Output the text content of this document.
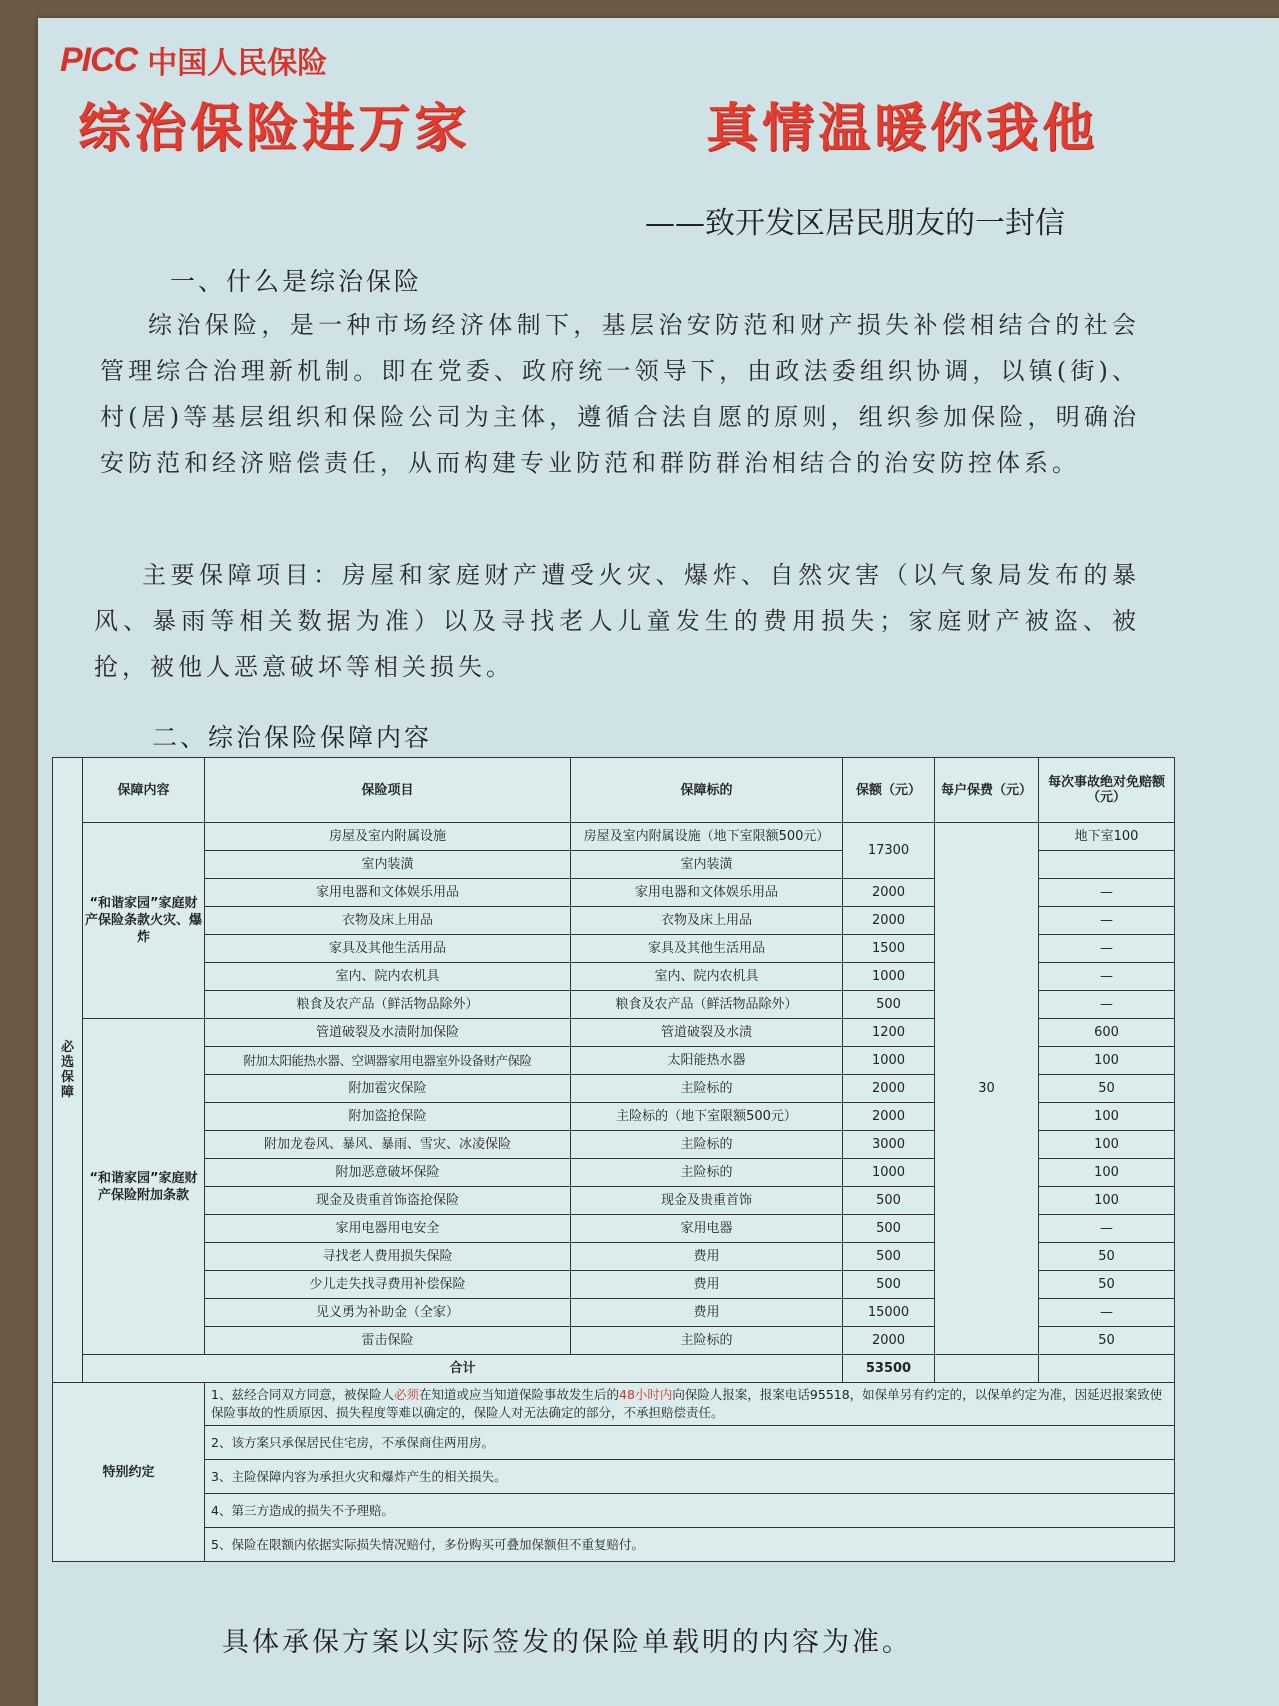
PICC 中国人民保险
综治保险进万家	真情温暖你我他
——致开发区居民朋友的一封信
一、什么是综治保险
综治保险，是一种市场经济体制下，基层治安防范和财产损失补偿相结合的社会管理综合治理新机制。即在党委、政府统一领导下，由政法委组织协调，以镇(街)、村(居)等基层组织和保险公司为主体，遵循合法自愿的原则，组织参加保险，明确治安防范和经济赔偿责任，从而构建专业防范和群防群治相结合的治安防控体系。
主要保障项目：房屋和家庭财产遭受火灾、爆炸、自然灾害（以气象局发布的暴风、暴雨等相关数据为准）以及寻找老人儿童发生的费用损失；家庭财产被盗、被抢，被他人恶意破坏等相关损失。
二、综治保险保障内容
必选保障	保障内容	保险项目	保障标的	保额（元）	每户保费（元）	每次事故绝对免赔额（元）
	“和谐家园”家庭财产保险条款火灾、爆炸	房屋及室内附属设施	房屋及室内附属设施（地下室限额500元）	17300	30	地下室100
		室内装潢	室内装潢			
		家用电器和文体娱乐用品	家用电器和文体娱乐用品	2000		—
		衣物及床上用品	衣物及床上用品	2000		—
		家具及其他生活用品	家具及其他生活用品	1500		—
		室内、院内农机具	室内、院内农机具	1000		—
		粮食及农产品（鲜活物品除外）	粮食及农产品（鲜活物品除外）	500		—
	“和谐家园”家庭财产保险附加条款	管道破裂及水渍附加保险	管道破裂及水渍	1200		600
		附加太阳能热水器、空调器家用电器室外设备财产保险	太阳能热水器	1000		100
		附加雹灾保险	主险标的	2000		50
		附加盗抢保险	主险标的（地下室限额500元）	2000		100
		附加龙卷风、暴风、暴雨、雪灾、冰凌保险	主险标的	3000		100
		附加恶意破坏保险	主险标的	1000		100
		现金及贵重首饰盗抢保险	现金及贵重首饰	500		100
		家用电器用电安全	家用电器	500		—
		寻找老人费用损失保险	费用	500		50
		少儿走失找寻费用补偿保险	费用	500		50
		见义勇为补助金（全家）	费用	15000		—
		雷击保险	主险标的	2000		50
	合计			53500		
特别约定		1、兹经合同双方同意，被保险人必须在知道或应当知道保险事故发生后的48小时内向保险人报案，报案电话95518，如保单另有约定的，以保单约定为准，因延迟报案致使保险事故的性质原因、损失程度等难以确定的，保险人对无法确定的部分，不承担赔偿责任。				
		2、该方案只承保居民住宅房，不承保商住两用房。				
		3、主险保障内容为承担火灾和爆炸产生的相关损失。				
		4、第三方造成的损失不予理赔。				
		5、保险在限额内依据实际损失情况赔付，多份购买可叠加保额但不重复赔付。				
具体承保方案以实际签发的保险单载明的内容为准。
